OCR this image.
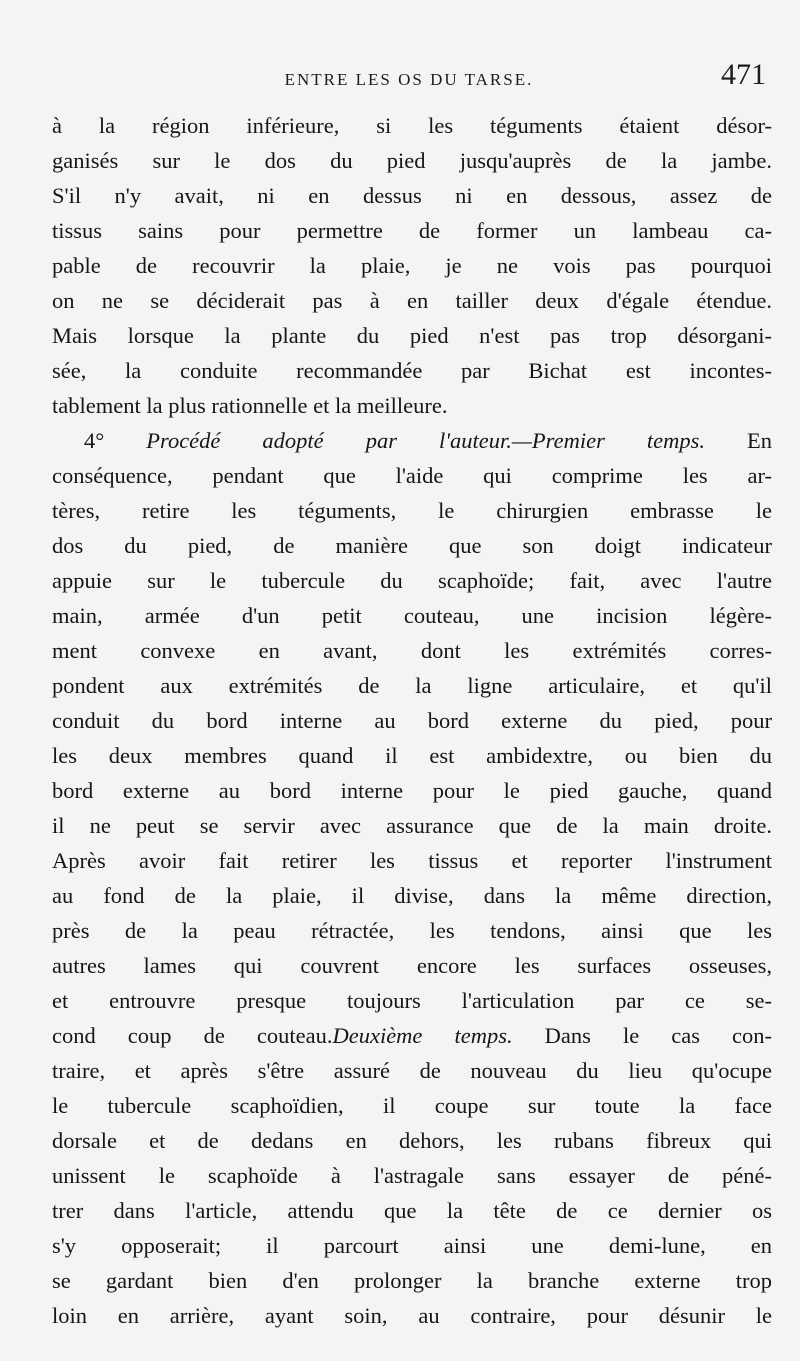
ENTRE LES OS DU TARSE.	471
à la région inférieure, si les téguments étaient désor-
ganisés sur le dos du pied jusqu'auprès de la jambe.
S'il n'y avait, ni en dessus ni en dessous, assez de
tissus sains pour permettre de former un lambeau ca-
pable de recouvrir la plaie, je ne vois pas pourquoi
on ne se déciderait pas à en tailler deux d'égale étendue.
Mais lorsque la plante du pied n'est pas trop désorgani-
sée, la conduite recommandée par Bichat est incontes-
tablement la plus rationnelle et la meilleure.
4° Procédé adopté par l'auteur.—Premier temps. En
conséquence, pendant que l'aide qui comprime les ar-
tères, retire les téguments, le chirurgien embrasse le
dos du pied, de manière que son doigt indicateur
appuie sur le tubercule du scaphoïde; fait, avec l'autre
main, armée d'un petit couteau, une incision légère-
ment convexe en avant, dont les extrémités corres-
pondent aux extrémités de la ligne articulaire, et qu'il
conduit du bord interne au bord externe du pied, pour
les deux membres quand il est ambidextre, ou bien du
bord externe au bord interne pour le pied gauche, quand
il ne peut se servir avec assurance que de la main droite.
Après avoir fait retirer les tissus et reporter l'instrument
au fond de la plaie, il divise, dans la même direction,
près de la peau rétractée, les tendons, ainsi que les
autres lames qui couvrent encore les surfaces osseuses,
et entrouvre presque toujours l'articulation par ce se-
cond coup de couteau.Deuxième temps. Dans le cas con-
traire, et après s'être assuré de nouveau du lieu qu'ocupe
le tubercule scaphoïdien, il coupe sur toute la face
dorsale et de dedans en dehors, les rubans fibreux qui
unissent le scaphoïde à l'astragale sans essayer de péné-
trer dans l'article, attendu que la tête de ce dernier os
s'y opposerait; il parcourt ainsi une demi-lune, en
se gardant bien d'en prolonger la branche externe trop
loin en arrière, ayant soin, au contraire, pour désunir le
